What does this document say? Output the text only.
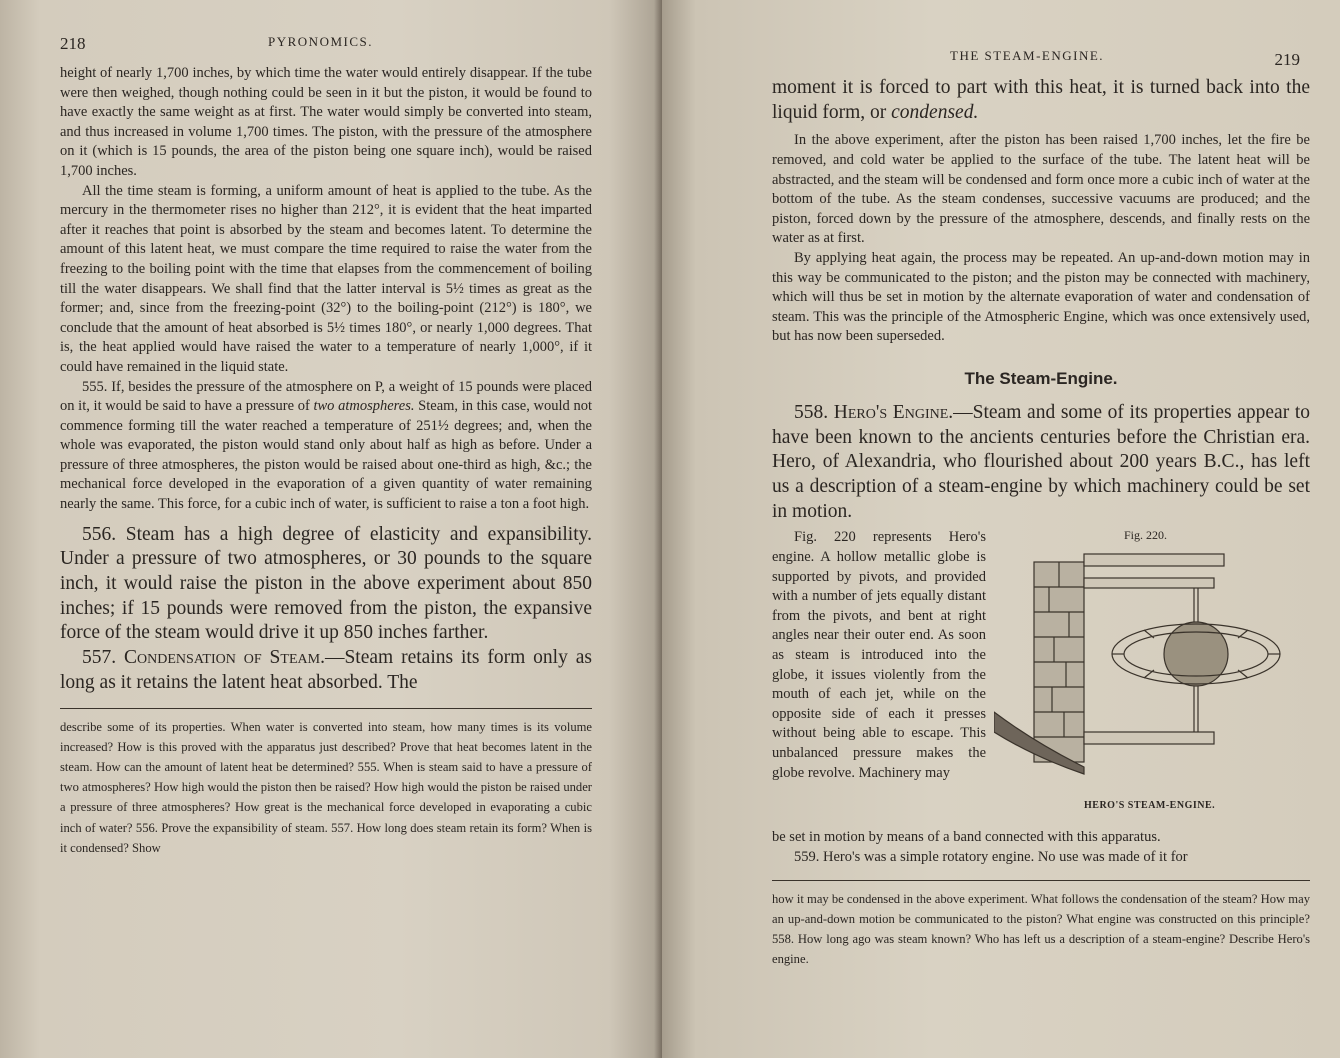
218	PYRONOMICS.

height of nearly 1,700 inches, by which time the water would entirely disappear. If the tube were then weighed, though nothing could be seen in it but the piston, it would be found to have exactly the same weight as at first. The water would simply be converted into steam, and thus increased in volume 1,700 times. The piston, with the pressure of the atmosphere on it (which is 15 pounds, the area of the piston being one square inch), would be raised 1,700 inches.

All the time steam is forming, a uniform amount of heat is applied to the tube. As the mercury in the thermometer rises no higher than 212°, it is evident that the heat imparted after it reaches that point is absorbed by the steam and becomes latent. To determine the amount of this latent heat, we must compare the time required to raise the water from the freezing to the boiling point with the time that elapses from the commencement of boiling till the water disappears. We shall find that the latter interval is 5½ times as great as the former; and, since from the freezing-point (32°) to the boiling-point (212°) is 180°, we conclude that the amount of heat absorbed is 5½ times 180°, or nearly 1,000 degrees. That is, the heat applied would have raised the water to a temperature of nearly 1,000°, if it could have remained in the liquid state.

555. If, besides the pressure of the atmosphere on P, a weight of 15 pounds were placed on it, it would be said to have a pressure of two atmospheres. Steam, in this case, would not commence forming till the water reached a temperature of 251½ degrees; and, when the whole was evaporated, the piston would stand only about half as high as before. Under a pressure of three atmospheres, the piston would be raised about one-third as high, &c.; the mechanical force developed in the evaporation of a given quantity of water remaining nearly the same. This force, for a cubic inch of water, is sufficient to raise a ton a foot high.

556. Steam has a high degree of elasticity and expansibility. Under a pressure of two atmospheres, or 30 pounds to the square inch, it would raise the piston in the above experiment about 850 inches; if 15 pounds were removed from the piston, the expansive force of the steam would drive it up 850 inches farther.

557. Condensation of Steam.—Steam retains its form only as long as it retains the latent heat absorbed. The

describe some of its properties. When water is converted into steam, how many times is its volume increased? How is this proved with the apparatus just described? Prove that heat becomes latent in the steam. How can the amount of latent heat be determined? 555. When is steam said to have a pressure of two atmospheres? How high would the piston then be raised? How high would the piston be raised under a pressure of three atmospheres? How great is the mechanical force developed in evaporating a cubic inch of water? 556. Prove the expansibility of steam. 557. How long does steam retain its form? When is it condensed? Show

THE STEAM-ENGINE.	219

moment it is forced to part with this heat, it is turned back into the liquid form, or condensed.

In the above experiment, after the piston has been raised 1,700 inches, let the fire be removed, and cold water be applied to the surface of the tube. The latent heat will be abstracted, and the steam will be condensed and form once more a cubic inch of water at the bottom of the tube. As the steam condenses, successive vacuums are produced; and the piston, forced down by the pressure of the atmosphere, descends, and finally rests on the water as at first.

By applying heat again, the process may be repeated. An up-and-down motion may in this way be communicated to the piston; and the piston may be connected with machinery, which will thus be set in motion by the alternate evaporation of water and condensation of steam. This was the principle of the Atmospheric Engine, which was once extensively used, but has now been superseded.

The Steam-Engine.

558. Hero's Engine.—Steam and some of its properties appear to have been known to the ancients centuries before the Christian era. Hero, of Alexandria, who flourished about 200 years B.C., has left us a description of a steam-engine by which machinery could be set in motion.

Fig. 220 represents Hero's engine. A hollow metallic globe is supported by pivots, and provided with a number of jets equally distant from the pivots, and bent at right angles near their outer end. As soon as steam is introduced into the globe, it issues violently from the mouth of each jet, while on the opposite side of each it presses without being able to escape. This unbalanced pressure makes the globe revolve. Machinery may

Fig. 220.
HERO'S STEAM-ENGINE.

be set in motion by means of a band connected with this apparatus.

559. Hero's was a simple rotatory engine. No use was made of it for

how it may be condensed in the above experiment. What follows the condensation of the steam? How may an up-and-down motion be communicated to the piston? What engine was constructed on this principle? 558. How long ago was steam known? Who has left us a description of a steam-engine? Describe Hero's engine.
